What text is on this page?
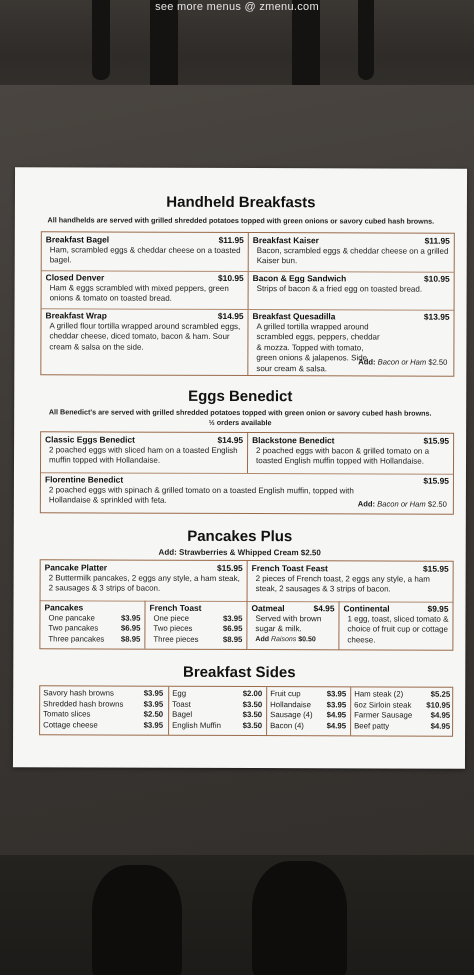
see more menus @ zmenu.com
Handheld Breakfasts
All handhelds are served with grilled shredded potatoes topped with green onions or savory cubed hash browns.
Breakfast Bagel	$11.95
Ham, scrambled eggs & cheddar cheese on a toasted bagel.
Breakfast Kaiser	$11.95
Bacon, scrambled eggs & cheddar cheese on a grilled Kaiser bun.
Closed Denver	$10.95
Ham & eggs scrambled with mixed peppers, green onions & tomato on toasted bread.
Bacon & Egg Sandwich	$10.95
Strips of bacon & a fried egg on toasted bread.
Breakfast Wrap	$14.95
A grilled flour tortilla wrapped around scrambled eggs, cheddar cheese, diced tomato, bacon & ham. Sour cream & salsa on the side.
Breakfast Quesadilla	$13.95
A grilled tortilla wrapped around scrambled eggs, peppers, cheddar & mozza. Topped with tomato, green onions & jalapenos. Side sour cream & salsa.
Add: Bacon or Ham $2.50
Eggs Benedict
All Benedict's are served with grilled shredded potatoes topped with green onion or savory cubed hash browns.
½ orders available
Classic Eggs Benedict	$14.95
2 poached eggs with sliced ham on a toasted English muffin topped with Hollandaise.
Blackstone Benedict	$15.95
2 poached eggs with bacon & grilled tomato on a toasted English muffin topped with Hollandaise.
Florentine Benedict	$15.95
2 poached eggs with spinach & grilled tomato on a toasted English muffin, topped with Hollandaise & sprinkled with feta.	Add: Bacon or Ham $2.50
Pancakes Plus
Add: Strawberries & Whipped Cream $2.50
Pancake Platter	$15.95
2 Buttermilk pancakes, 2 eggs any style, a ham steak, 2 sausages & 3 strips of bacon.
French Toast Feast	$15.95
2 pieces of French toast, 2 eggs any style, a ham steak, 2 sausages & 3 strips of bacon.
Pancakes
One pancake	$3.95
Two pancakes	$6.95
Three pancakes $8.95
French Toast
One piece	$3.95
Two pieces	$6.95
Three pieces	$8.95
Oatmeal	$4.95
Served with brown sugar & milk.
Add Raisons $0.50
Continental	$9.95
1 egg, toast, sliced tomato & choice of fruit cup or cottage cheese.
Breakfast Sides
Savory hash browns	$3.95
Shredded hash browns	$3.95
Tomato slices	$2.50
Cottage cheese	$3.95
Egg	$2.00
Toast	$3.50
Bagel	$3.50
English Muffin	$3.50
Fruit cup	$3.95
Hollandaise $3.95
Sausage (4) $4.95
Bacon (4)	$4.95
Ham steak (2)	$5.25
6oz Sirloin steak $10.95
Farmer Sausage $4.95
Beef patty	$4.95
